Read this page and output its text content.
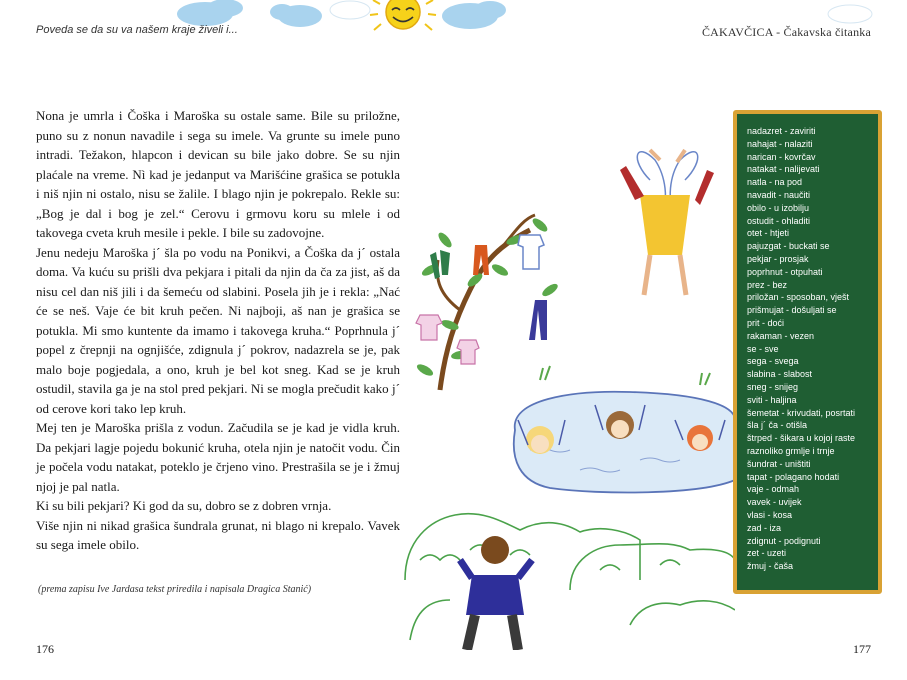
Poveda se da su va našem kraje živeli i...	ČAKAVČICA - Čakavska čitanka

Nona je umrla i Čoška i Maroška su ostale same. Bile su priložne, puno su z nonun navadile i sega su imele. Va grunte su imele puno intradi. Težakon, hlapcon i devican su bile jako dobre. Se su njin plaćale na vreme. Nì kad je jedanput va Marišćine grašica se potukla i niš njin ni ostalo, nisu se žalile. I blago njin je pokrepalo. Rekle su: „Bog je dal i bog je zel.“ Cerovu i grmovu koru su mlele i od takovega cveta kruh mesile i pekle. I bile su zadovojne.

Jenu nedeju Maroška j´ šla po vodu na Ponikvi, a Čoška da j´ ostala doma. Va kuću su prišli dva pekjara i pitali da njin da ča za jist, aš da nisu cel dan niš jili i da šemeću od slabini. Posela jih je i rekla: „Nać će se neš. Vaje će bit kruh pečen. Ni najboji, aš nan je grašica se potukla. Mi smo kuntente da imamo i takovega kruha.“ Poprhnula j´ popel z črepnji na ognjišće, zdignula j´ pokrov, nadazrela se je, pak malo boje pogjedala, a ono, kruh je bel kot sneg. Kad se je kruh ostudil, stavila ga je na stol pred pekjari. Ni se mogla prečudit kako j´ od cerove kori tako lep kruh.

Mej ten je Maroška prišla z vodun. Začudila se je kad je vidla kruh. Da pekjari lagje pojedu bokunić kruha, otela njin je natočit vodu. Čin je počela vodu natakat, poteklo je črjeno vino. Prestrašila se je i žmuj njoj je pal natla.

Ki su bili pekjari? Ki god da su, dobro se z dobren vrnja.

Više njin ni nikad grašica šundrala grunat, ni blago ni krepalo. Vavek su sega imele obilo.

(prema zapisu Ive Jardasa tekst priredila i napisala Dragica Stanić)
nadazret - zaviriti
nahajat - nalaziti
narican - kovrčav
natakat - nalijevati
natla - na pod
navadit - naučiti
obilo - u izobilju
ostudit - ohladiti
otet - htjeti
pajuzgat - buckati se
pekjar - prosjak
poprhnut - otpuhati
prez - bez
priložan - sposoban, vješt
prišmujat - došuljati se
prit - doći
rakaman - vezen
se - sve
sega - svega
slabina - slabost
sneg - snijeg
sviti - haljina
šemetat - krivudati, posrtati
šla j´ ča - otišla
štrped - šikara u kojoj raste
raznoliko grmlje i trnje
šundrat - uništiti
tapat - polagano hodati
vaje - odmah
vavek - uvijek
vlasi - kosa
zad - iza
zdignut - podignuti
zet - uzeti
žmuj - čaša
176	177
